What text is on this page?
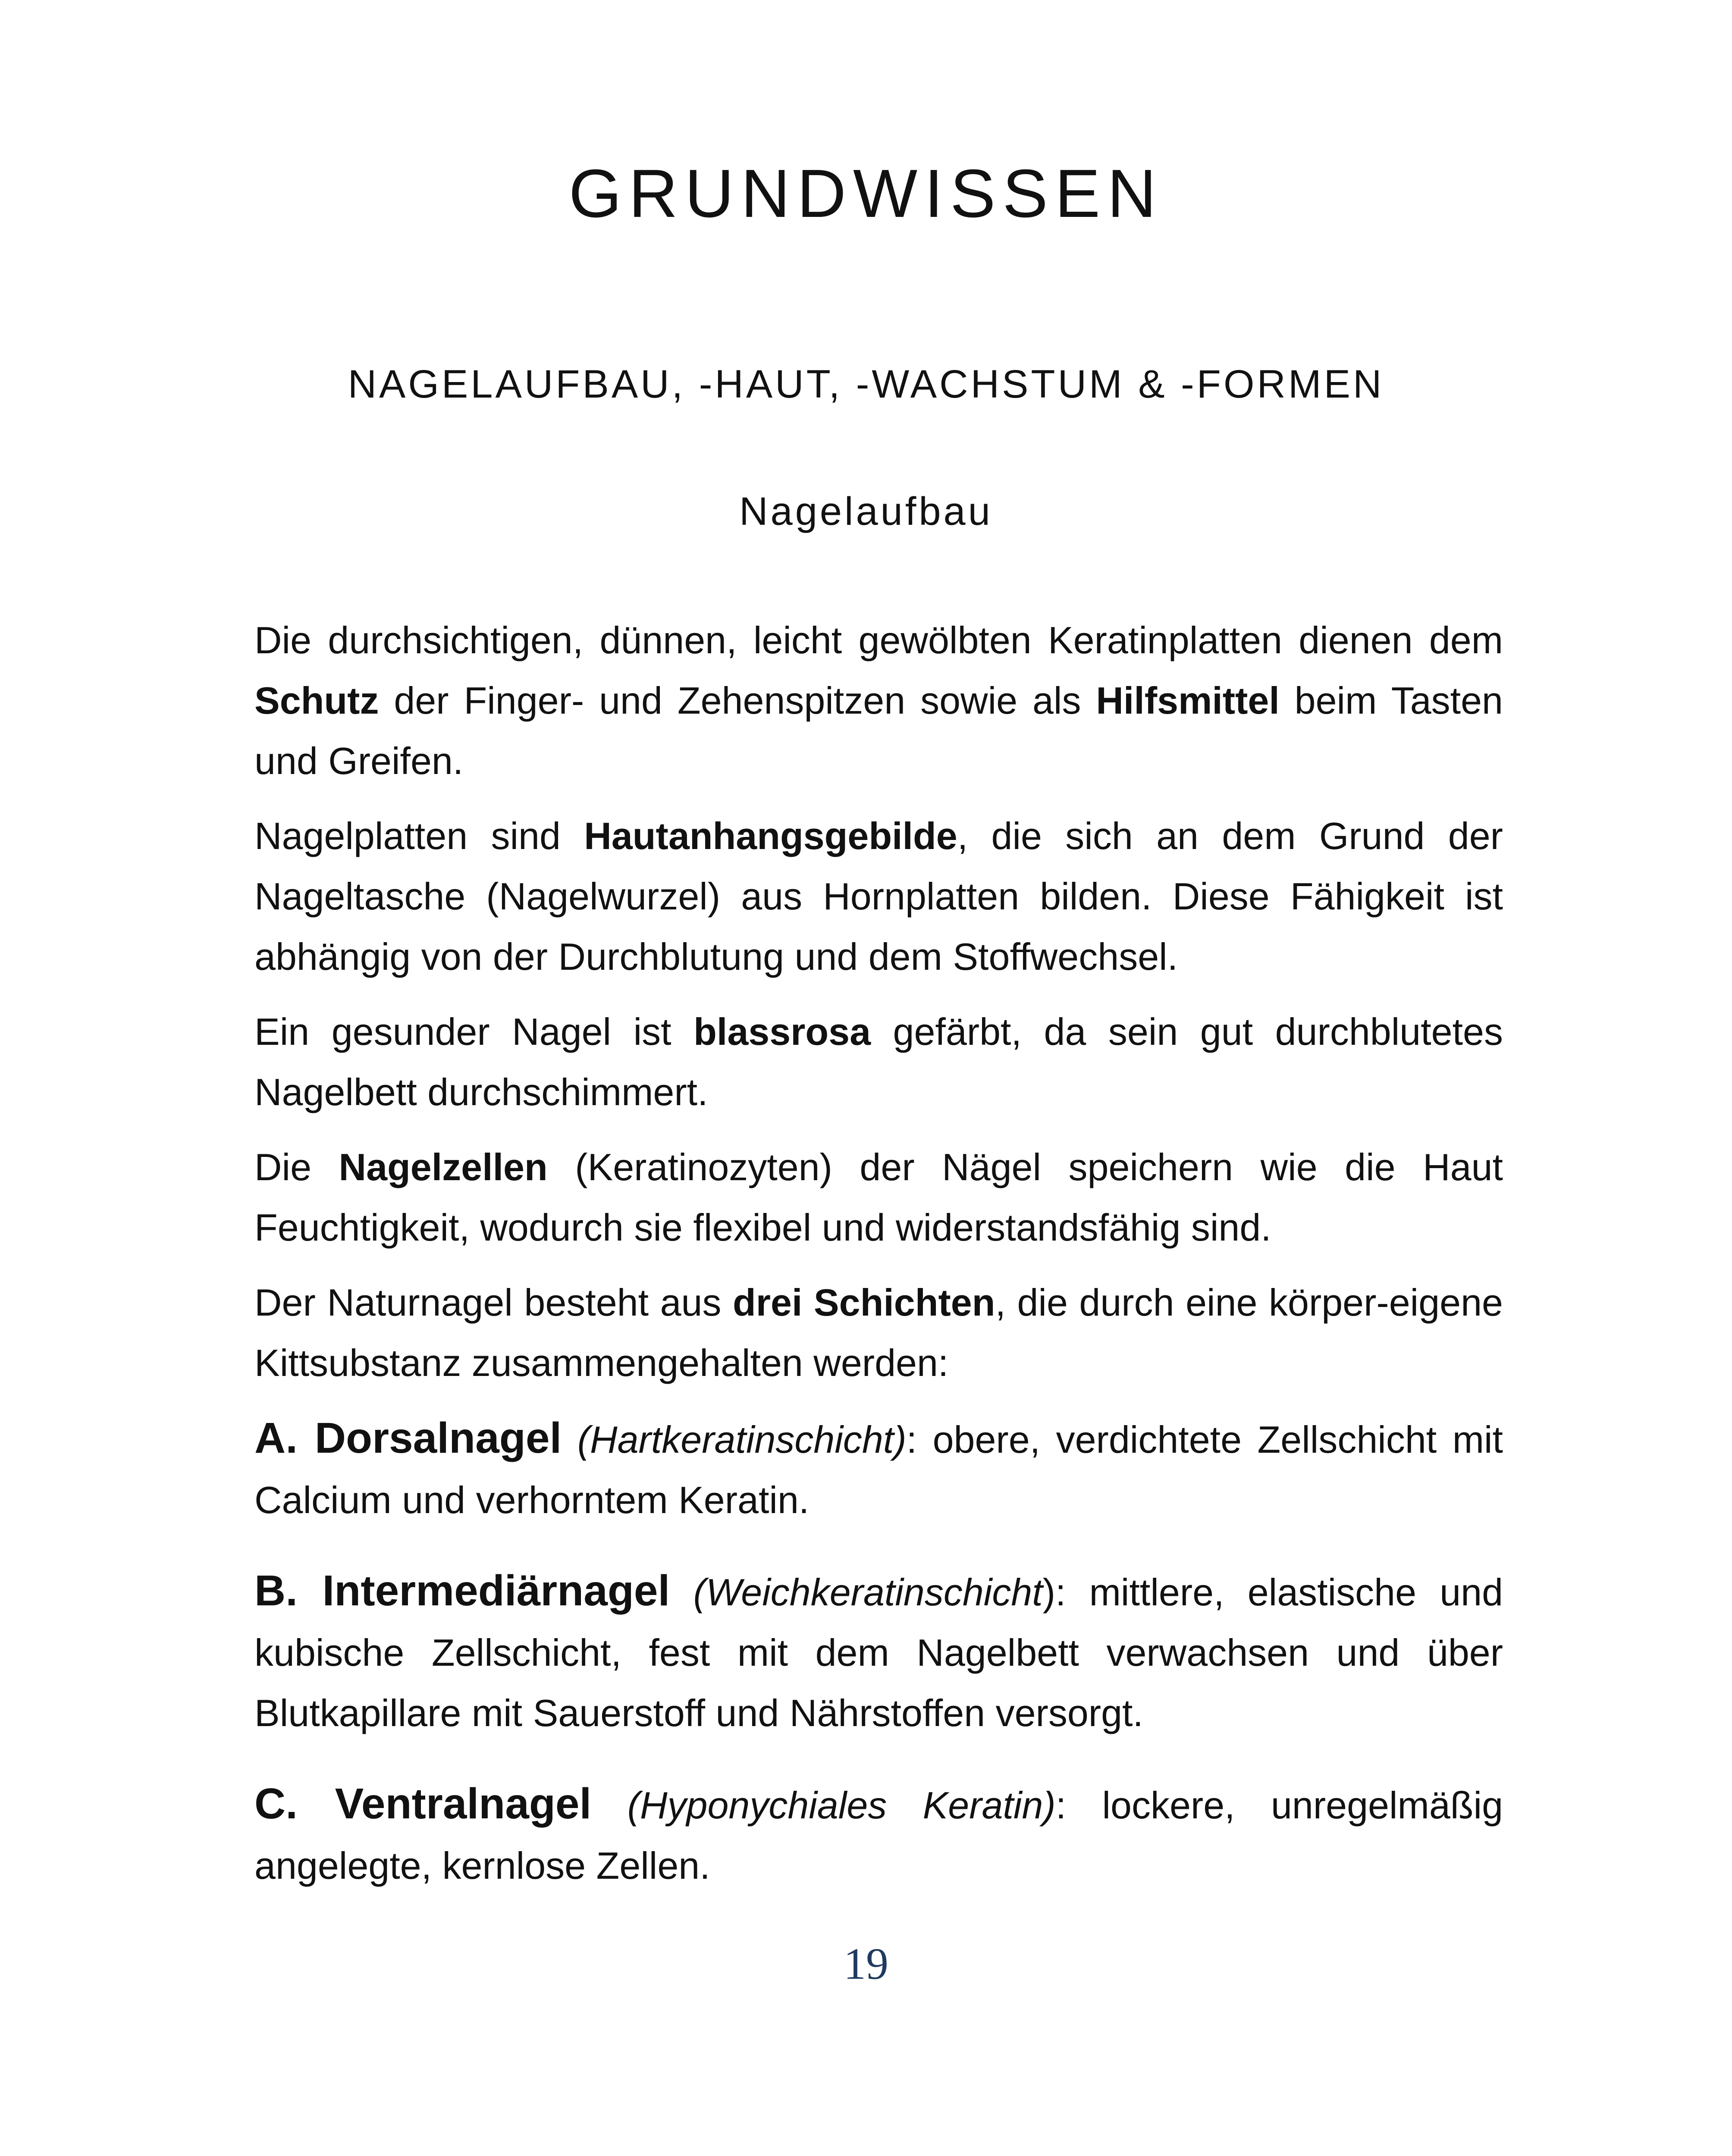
GRUNDWISSEN
NAGELAUFBAU, -HAUT, -WACHSTUM & -FORMEN
Nagelaufbau

Die durchsichtigen, dünnen, leicht gewölbten Keratinplatten dienen dem Schutz der Finger- und Zehenspitzen sowie als Hilfsmittel beim Tasten und Greifen.

Nagelplatten sind Hautanhangsgebilde, die sich an dem Grund der Nageltasche (Nagelwurzel) aus Hornplatten bilden. Diese Fähigkeit ist abhängig von der Durchblutung und dem Stoffwechsel.

Ein gesunder Nagel ist blassrosa gefärbt, da sein gut durchblutetes Nagelbett durchschimmert.

Die Nagelzellen (Keratinozyten) der Nägel speichern wie die Haut Feuchtigkeit, wodurch sie flexibel und widerstandsfähig sind.

Der Naturnagel besteht aus drei Schichten, die durch eine körper-eigene Kittsubstanz zusammengehalten werden:

A. Dorsalnagel (Hartkeratinschicht): obere, verdichtete Zellschicht mit Calcium und verhorntem Keratin.

B. Intermediärnagel (Weichkeratinschicht): mittlere, elastische und kubische Zellschicht, fest mit dem Nagelbett verwachsen und über Blutkapillare mit Sauerstoff und Nährstoffen versorgt.

C. Ventralnagel (Hyponychiales Keratin): lockere, unregelmäßig angelegte, kernlose Zellen.

19
